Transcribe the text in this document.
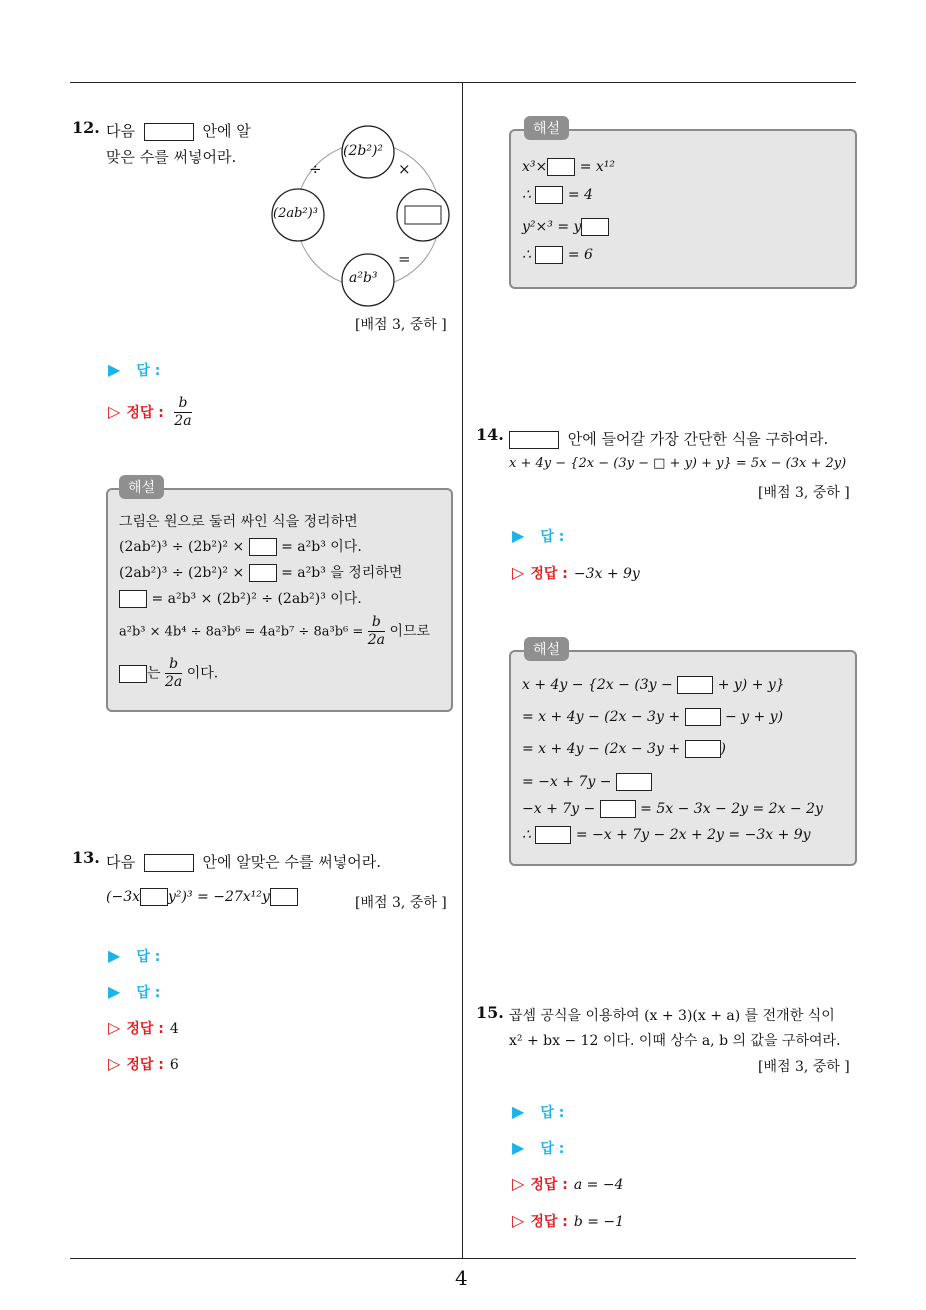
4
12. 다음	안에 알
맞은 수를 써넣어라.	(2b²)²
(2ab²)³
a²b³
÷	×
=
[배점 3, 중하 ]
▶ 답 :
▷ 정답 : $\frac{b}{2a}$
해설
그림은 원으로 둘러 싸인 식을 정리하면
(2ab²)³ ÷ (2b²)² ×	= a²b³ 이다.
(2ab²)³ ÷ (2b²)² ×	= a²b³ 을 정리하면
= a²b³ × (2b²)² ÷ (2ab²)³ 이다.
$a^2b^3 \times 4b^4 \div 8a^3b^6 = 4a^2b^7 \div 8a^3b^6 = \frac{b}{2a}$ 이므로
는 $\frac{b}{2a}$ 이다.
13. 다음	안에 알맞은 수를 써넣어라.
(−3x y²)³ = −27x¹²y	[배점 3, 중하 ]
▶ 답 :
▶ 답 :
▷ 정답 : 4
▷ 정답 : 6
해설
x³× = x¹²
∴	= 4
y²×³ = y
∴	= 6
14.	안에 들어갈 가장 간단한 식을 구하여라.
x + 4y − {2x − (3y − □ + y) + y} = 5x − (3x + 2y)
[배점 3, 중하 ]
▶ 답 :
▷ 정답 : −3x + 9y
해설
x + 4y − {2x − (3y −	+ y) + y}
= x + 4y − (2x − 3y +	− y + y)
= x + 4y − (2x − 3y +	)
= −x + 7y −
−x + 7y −	= 5x − 3x − 2y = 2x − 2y
∴	= −x + 7y − 2x + 2y = −3x + 9y
15. 곱셈 공식을 이용하여 (x + 3)(x + a) 를 전개한 식이
x² + bx − 12 이다. 이때 상수 a, b 의 값을 구하여라.
[배점 3, 중하 ]
▶ 답 :
▶ 답 :
▷ 정답 : a = −4
▷ 정답 : b = −1
